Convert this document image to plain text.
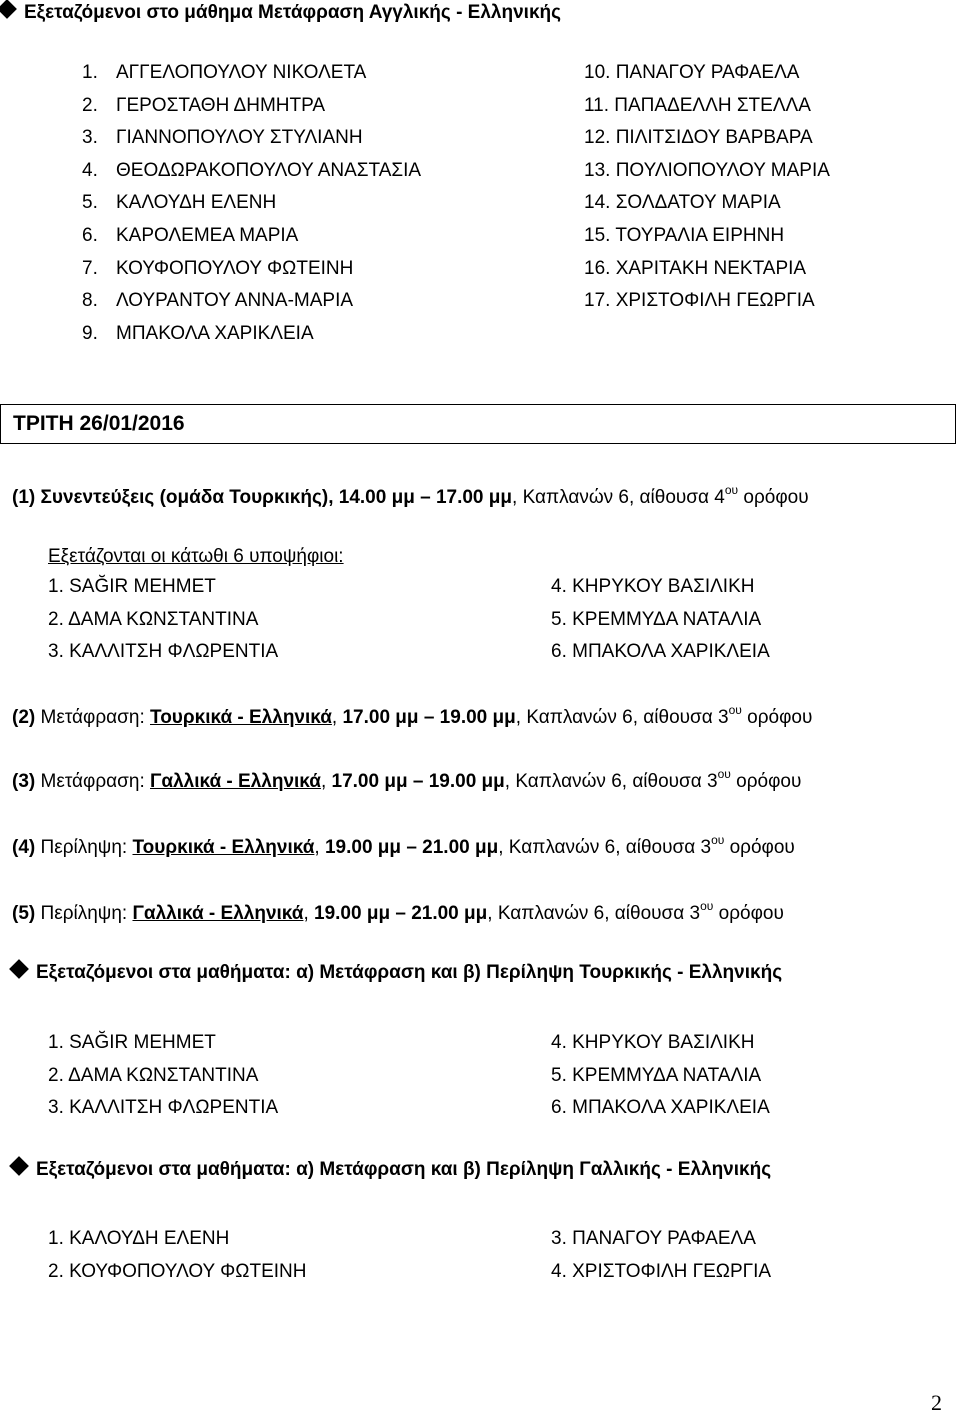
Εξεταζόμενοι στο μάθημα Μετάφραση Αγγλικής - Ελληνικής
1. ΑΓΓΕΛΟΠΟΥΛΟΥ ΝΙΚΟΛΕΤΑ
2. ΓΕΡΟΣΤΑΘΗ ΔΗΜΗΤΡΑ
3. ΓΙΑΝΝΟΠΟΥΛΟΥ ΣΤΥΛΙΑΝΗ
4. ΘΕΟΔΩΡΑΚΟΠΟΥΛΟΥ ΑΝΑΣΤΑΣΙΑ
5. ΚΑΛΟΥΔΗ ΕΛΕΝΗ
6. ΚΑΡΟΛΕΜΕΑ ΜΑΡΙΑ
7. ΚΟΥΦΟΠΟΥΛΟΥ ΦΩΤΕΙΝΗ
8. ΛΟΥΡΑΝΤΟΥ ΑΝΝΑ-ΜΑΡΙΑ
9. ΜΠΑΚΟΛΑ ΧΑΡΙΚΛΕΙΑ
10. ΠΑΝΑΓΟΥ ΡΑΦΑΕΛΑ
11. ΠΑΠΑΔΕΛΛΗ ΣΤΕΛΛΑ
12. ΠΙΛΙΤΣΙΔΟΥ ΒΑΡΒΑΡΑ
13. ΠΟΥΛΙΟΠΟΥΛΟΥ ΜΑΡΙΑ
14. ΣΟΛΔΑΤΟΥ ΜΑΡΙΑ
15. ΤΟΥΡΑΛΙΑ ΕΙΡΗΝΗ
16. ΧΑΡΙΤΑΚΗ ΝΕΚΤΑΡΙΑ
17. ΧΡΙΣΤΟΦΙΛΗ ΓΕΩΡΓΙΑ
ΤΡΙΤΗ 26/01/2016
(1) Συνεντεύξεις (ομάδα Τουρκικής), 14.00 μμ – 17.00 μμ, Καπλανών 6, αίθουσα $4^{o\upsilon}$ ορόφου
Εξετάζονται οι κάτωθι 6 υποψήφιοι:
1. SAĞIR MEHMET
2. ΔΑΜΑ ΚΩΝΣΤΑΝΤΙΝΑ
3. ΚΑΛΛΙΤΣΗ ΦΛΩΡΕΝΤΙΑ
4. ΚΗΡΥΚΟΥ ΒΑΣΙΛΙΚΗ
5. ΚΡΕΜΜΥΔΑ ΝΑΤΑΛΙΑ
6. ΜΠΑΚΟΛΑ ΧΑΡΙΚΛΕΙΑ
(2) Μετάφραση: Τουρκικά - Ελληνικά, 17.00 μμ – 19.00 μμ, Καπλανών 6, αίθουσα $3^{o\upsilon}$ ορόφου
(3) Μετάφραση: Γαλλικά - Ελληνικά, 17.00 μμ – 19.00 μμ, Καπλανών 6, αίθουσα $3^{o\upsilon}$ ορόφου
(4) Περίληψη: Τουρκικά - Ελληνικά, 19.00 μμ – 21.00 μμ, Καπλανών 6, αίθουσα $3^{o\upsilon}$ ορόφου
(5) Περίληψη: Γαλλικά - Ελληνικά, 19.00 μμ – 21.00 μμ, Καπλανών 6, αίθουσα $3^{o\upsilon}$ ορόφου
Εξεταζόμενοι στα μαθήματα: α) Μετάφραση και β) Περίληψη Τουρκικής - Ελληνικής
1. SAĞIR MEHMET
2. ΔΑΜΑ ΚΩΝΣΤΑΝΤΙΝΑ
3. ΚΑΛΛΙΤΣΗ ΦΛΩΡΕΝΤΙΑ
4. ΚΗΡΥΚΟΥ ΒΑΣΙΛΙΚΗ
5. ΚΡΕΜΜΥΔΑ ΝΑΤΑΛΙΑ
6. ΜΠΑΚΟΛΑ ΧΑΡΙΚΛΕΙΑ
Εξεταζόμενοι στα μαθήματα: α) Μετάφραση και β) Περίληψη Γαλλικής - Ελληνικής
1. ΚΑΛΟΥΔΗ ΕΛΕΝΗ
2. ΚΟΥΦΟΠΟΥΛΟΥ ΦΩΤΕΙΝΗ
3. ΠΑΝΑΓΟΥ ΡΑΦΑΕΛΑ
4. ΧΡΙΣΤΟΦΙΛΗ ΓΕΩΡΓΙΑ
2
